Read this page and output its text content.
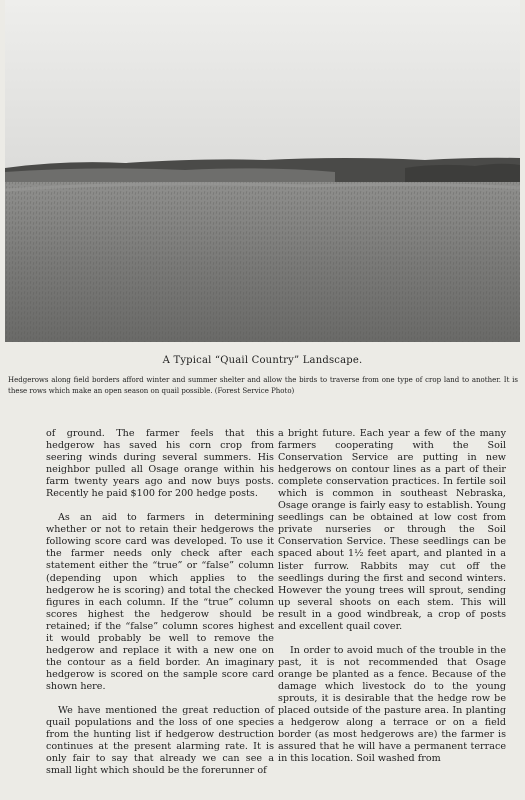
A Typical “Quail Country” Landscape.
Hedgerows along field borders afford winter and summer shelter and allow the birds to traverse from one type of crop land to another. It is these rows which make an open season on quail possible. (Forest Service Photo)

of ground. The farmer feels that this hedgerow has saved his corn crop from seering winds during several summers. His neighbor pulled all Osage orange within his farm twenty years ago and now buys posts. Recently he paid $100 for 200 hedge posts.

As an aid to farmers in determining whether or not to retain their hedgerows the following score card was developed. To use it the farmer needs only check after each statement either the “true” or “false” column (depending upon which applies to the hedgerow he is scoring) and total the checked figures in each column. If the “true” column scores highest the hedgerow should be retained; if the “false” column scores highest it would probably be well to remove the hedgerow and replace it with a new one on the contour as a field border. An imaginary hedgerow is scored on the sample score card shown here.

We have mentioned the great reduction of quail populations and the loss of one species from the hunting list if hedgerow destruction continues at the present alarming rate. It is only fair to say that already we can see a small light which should be the forerunner of

a bright future. Each year a few of the many farmers cooperating with the Soil Conservation Service are putting in new hedgerows on contour lines as a part of their complete conservation practices. In fertile soil which is common in southeast Nebraska, Osage orange is fairly easy to establish. Young seedlings can be obtained at low cost from private nurseries or through the Soil Conservation Service. These seedlings can be spaced about 1½ feet apart, and planted in a lister furrow. Rabbits may cut off the seedlings during the first and second winters. However the young trees will sprout, sending up several shoots on each stem. This will result in a good windbreak, a crop of posts and excellent quail cover.

In order to avoid much of the trouble in the past, it is not recommended that Osage orange be planted as a fence. Because of the damage which livestock do to the young sprouts, it is desirable that the hedge row be placed outside of the pasture area. In planting a hedgerow along a terrace or on a field border (as most hedgerows are) the farmer is assured that he will have a permanent terrace in this location. Soil washed from
